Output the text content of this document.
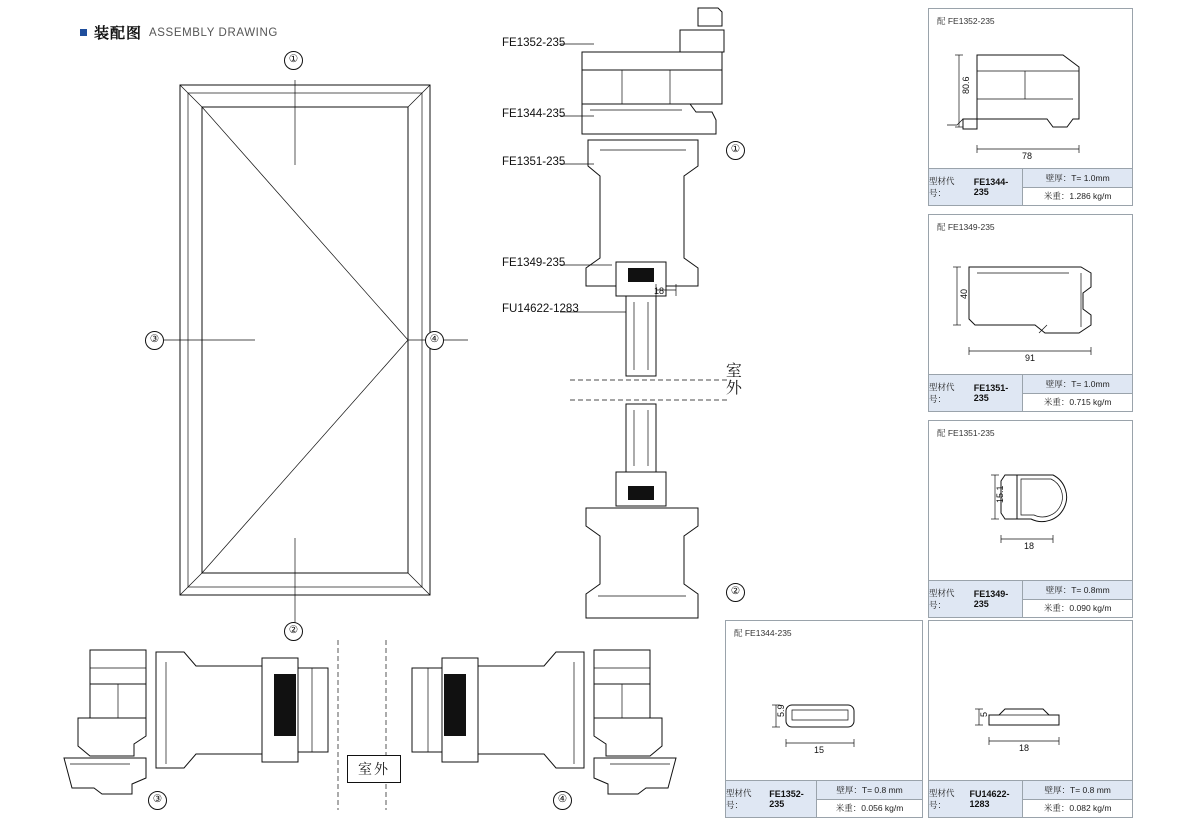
装配图 ASSEMBLY DRAWING
①
②
③	④
FE1352-235
FE1344-235
FE1351-235
FE1349-235
FU14622-1283
18
①
②
室外
室外
③	④
配 FE1352-235
80.6
78
型材代号：
FE1344-235
壁厚：T= 1.0mm
米重：1.286 kg/m
配 FE1349-235
40
91
型材代号：
FE1351-235
壁厚：T= 1.0mm
米重：0.715 kg/m
配 FE1351-235
15.1
18
型材代号：
FE1349-235
壁厚：T= 0.8mm
米重：0.090 kg/m
配 FE1344-235
5.9
15
型材代号：
FE1352-235
壁厚：T= 0.8 mm
米重：0.056 kg/m
5
18
型材代号：
FU14622-1283
壁厚：T= 0.8 mm
米重：0.082 kg/m
